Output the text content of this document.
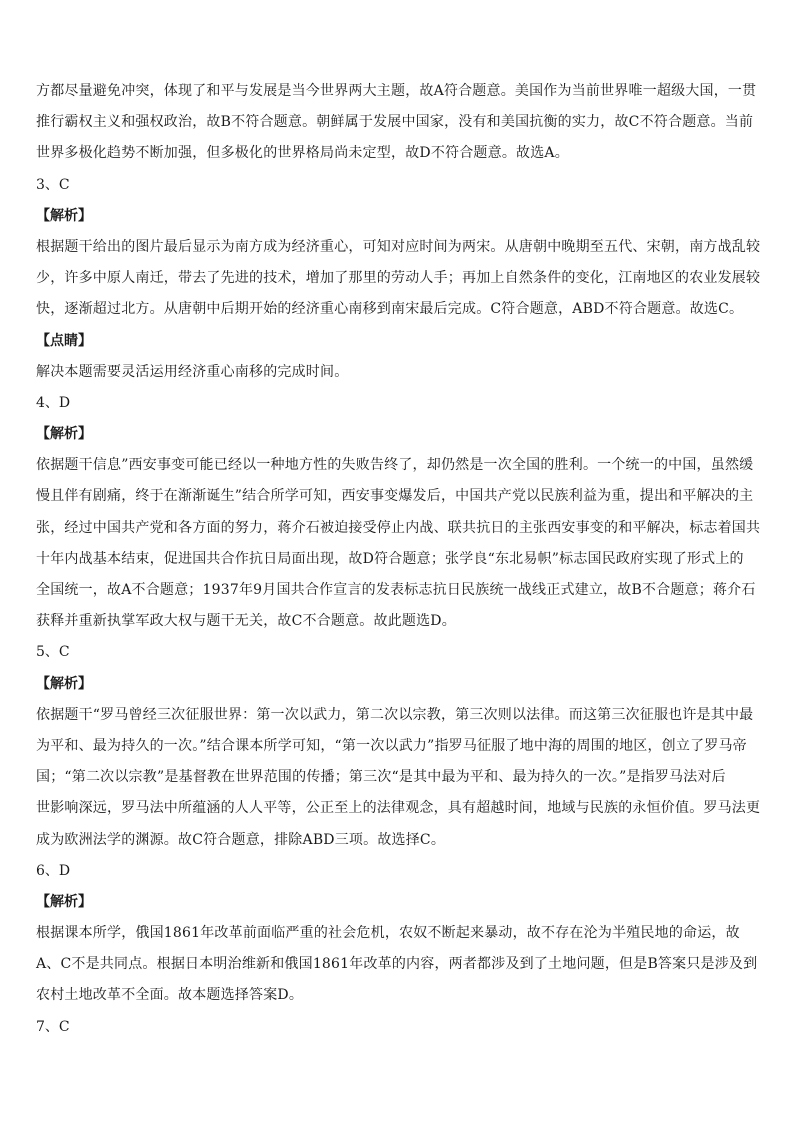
方都尽量避免冲突，体现了和平与发展是当今世界两大主题，故A符合题意。美国作为当前世界唯一超级大国，一贯
推行霸权主义和强权政治，故B不符合题意。朝鲜属于发展中国家，没有和美国抗衡的实力，故C不符合题意。当前
世界多极化趋势不断加强，但多极化的世界格局尚未定型，故D不符合题意。故选A。
3、C
【解析】
根据题干给出的图片最后显示为南方成为经济重心，可知对应时间为两宋。从唐朝中晚期至五代、宋朝，南方战乱较
少，许多中原人南迁，带去了先进的技术，增加了那里的劳动人手；再加上自然条件的变化，江南地区的农业发展较
快，逐渐超过北方。从唐朝中后期开始的经济重心南移到南宋最后完成。C符合题意，ABD不符合题意。故选C。
【点睛】
解决本题需要灵活运用经济重心南移的完成时间。
4、D
【解析】
依据题干信息”西安事变可能已经以一种地方性的失败告终了，却仍然是一次全国的胜利。一个统一的中国，虽然缓
慢且伴有剧痛，终于在渐渐诞生”结合所学可知，西安事变爆发后，中国共产党以民族利益为重，提出和平解决的主
张，经过中国共产党和各方面的努力，蒋介石被迫接受停止内战、联共抗日的主张西安事变的和平解决，标志着国共
十年内战基本结束，促进国共合作抗日局面出现，故D符合题意；张学良“东北易帜”标志国民政府实现了形式上的
全国统一，故A不合题意；1937年9月国共合作宣言的发表标志抗日民族统一战线正式建立，故B不合题意；蒋介石
获释并重新执掌军政大权与题干无关，故C不合题意。故此题选D。
5、C
【解析】
依据题干“罗马曾经三次征服世界：第一次以武力，第二次以宗教，第三次则以法律。而这第三次征服也许是其中最
为平和、最为持久的一次。”结合课本所学可知，“第一次以武力”指罗马征服了地中海的周围的地区，创立了罗马帝
国；“第二次以宗教”是基督教在世界范围的传播；第三次“是其中最为平和、最为持久的一次。”是指罗马法对后
世影响深远，罗马法中所蕴涵的人人平等，公正至上的法律观念，具有超越时间，地域与民族的永恒价值。罗马法更
成为欧洲法学的渊源。故C符合题意，排除ABD三项。故选择C。
6、D
【解析】
根据课本所学，俄国1861年改革前面临严重的社会危机，农奴不断起来暴动，故不存在沦为半殖民地的命运，故
A、C不是共同点。根据日本明治维新和俄国1861年改革的内容，两者都涉及到了土地问题，但是B答案只是涉及到
农村土地改革不全面。故本题选择答案D。
7、C
